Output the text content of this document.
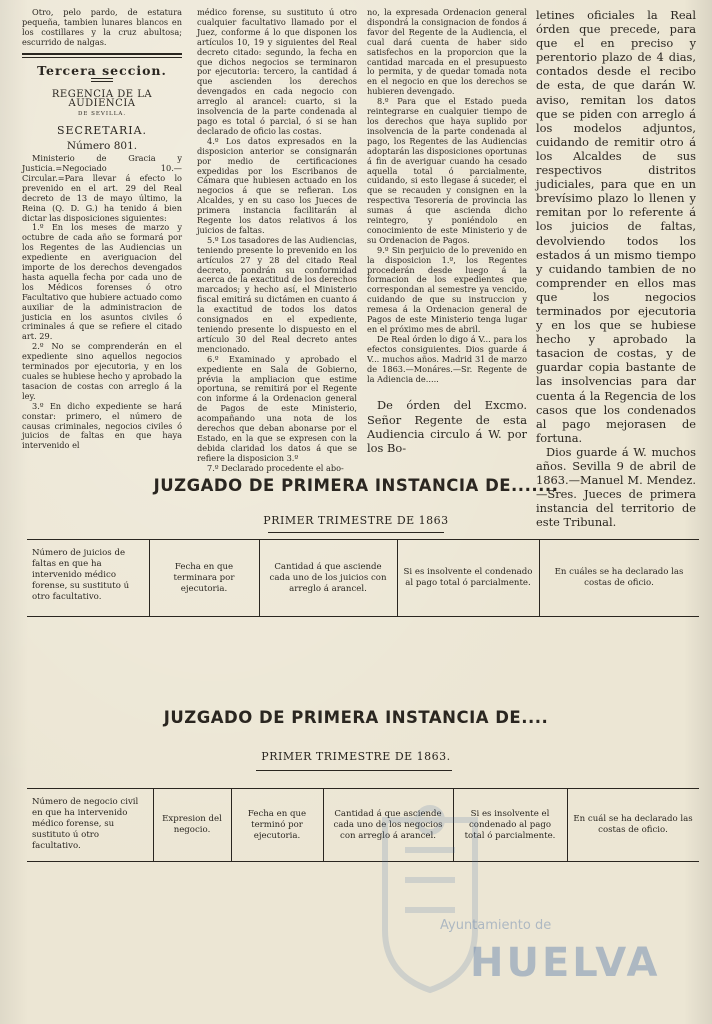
Otro, pelo pardo, de estatura pequeña, tambien lunares blancos en los costillares y la cruz abultosa; escurrido de nalgas.

Tercera seccion.
REGENCIA DE LA AUDIENCIA
DE SEVILLA.
SECRETARIA.
Número 801.

Ministerio de Gracia y Justicia.=Negociado 10.—Circular.=Para llevar á efecto lo prevenido en el art. 29 del Real decreto de 13 de mayo último, la Reina (Q. D. G.) ha tenido á bien dictar las disposiciones siguientes:

1.º En los meses de marzo y octubre de cada año se formará por los Regentes de las Audiencias un expediente en averiguacion del importe de los derechos devengados hasta aquella fecha por cada uno de los Médicos forenses ó otro Facultativo que hubiere actuado como auxiliar de la administracion de justicia en los asuntos civiles ó criminales á que se refiere el citado art. 29.

2.º No se comprenderán en el expediente sino aquellos negocios terminados por ejecutoria, y en los cuales se hubiese hecho y aprobado la tasacion de costas con arreglo á la ley.

3.º En dicho expediente se hará constar: primero, el número de causas criminales, negocios civiles ó juicios de faltas en que haya intervenido el

médico forense, su sustituto ú otro cualquier facultativo llamado por el Juez, conforme á lo que disponen los artículos 10, 19 y siguientes del Real decreto citado: segundo, la fecha en que dichos negocios se terminaron por ejecutoria: tercero, la cantidad á que ascienden los derechos devengados en cada negocio con arreglo al arancel: cuarto, si la insolvencia de la parte condenada al pago es total ó parcial, ó si se han declarado de oficio las costas.

4.º Los datos expresados en la disposicion anterior se consignarán por medio de certificaciones expedidas por los Escribanos de Cámara que hubiesen actuado en los negocios á que se refieran. Los Alcaldes, y en su caso los Jueces de primera instancia facilitarán al Regente los datos relativos á los juicios de faltas.

5.º Los tasadores de las Audiencias, teniendo presente lo prevenido en los artículos 27 y 28 del citado Real decreto, pondrán su conformidad acerca de la exactitud de los derechos marcados; y hecho así, el Ministerio fiscal emitirá su dictámen en cuanto á la exactitud de todos los datos consignados en el expediente, teniendo presente lo dispuesto en el artículo 30 del Real decreto antes mencionado.

6.º Examinado y aprobado el expediente en Sala de Gobierno, prévia la ampliacion que estime oportuna, se remitirá por el Regente con informe á la Ordenacion general de Pagos de este Ministerio, acompañando una nota de los derechos que deban abonarse por el Estado, en la que se expresen con la debida claridad los datos á que se refiere la disposicion 3.º

7.º Declarado procedente el abo-

no, la expresada Ordenacion general dispondrá la consignacion de fondos á favor del Regente de la Audiencia, el cual dará cuenta de haber sido satisfechos en la proporcion que la cantidad marcada en el presupuesto lo permita, y de quedar tomada nota en el negocio en que los derechos se hubieren devengado.

8.º Para que el Estado pueda reintegrarse en cualquier tiempo de los derechos que haya suplido por insolvencia de la parte condenada al pago, los Regentes de las Audiencias adoptarán las disposiciones oportunas á fin de averiguar cuando ha cesado aquella total ó parcialmente, cuidando, si esto llegase á suceder, el que se recauden y consignen en la respectiva Tesorería de provincia las sumas á que ascienda dicho reintegro, y poniéndolo en conocimiento de este Ministerio y de su Ordenacion de Pagos.

9.º Sin perjuicio de lo prevenido en la disposicion 1.º, los Regentes procederán desde luego á la formacion de los expedientes que correspondan al semestre ya vencido, cuidando de que su instruccion y remesa á la Ordenacion general de Pagos de este Ministerio tenga lugar en el próximo mes de abril.

De Real órden lo digo á V... para los efectos consiguientes. Dios guarde á V... muchos años. Madrid 31 de marzo de 1863.—Monáres.—Sr. Regente de la Adiencia de.....

De órden del Excmo. Señor Regente de esta Audiencia circulo á W. por los Bo-

letines oficiales la Real órden que precede, para que el en preciso y perentorio plazo de 4 dias, contados desde el recibo de esta, de que darán W. aviso, remitan los datos que se piden con arreglo á los modelos adjuntos, cuidando de remitir otro á los Alcaldes de sus respectivos distritos judiciales, para que en un brevísimo plazo lo llenen y remitan por lo referente á los juicios de faltas, devolviendo todos los estados á un mismo tiempo y cuidando tambien de no comprender en ellos mas que los negocios terminados por ejecutoria y en los que se hubiese hecho y aprobado la tasacion de costas, y de guardar copia bastante de las insolvencias para dar cuenta á la Regencia de los casos que los condenados al pago mejorasen de fortuna.

Dios guarde á W. muchos años. Sevilla 9 de abril de 1863.—Manuel M. Mendez.—Sres. Jueces de primera instancia del territorio de este Tribunal.

JUZGADO DE PRIMERA INSTANCIA DE.......
PRIMER TRIMESTRE DE 1863
Número de juicios de faltas en que ha intervenido médico forense, su sustituto ú otro facultativo.
Fecha en que terminara por ejecutoria.
Cantidad á que asciende cada uno de los juicios con arreglo á arancel.
Si es insolvente el condenado al pago total ó parcialmente.
En cuáles se ha declarado las costas de oficio.
JUZGADO DE PRIMERA INSTANCIA DE....
PRIMER TRIMESTRE DE 1863.
Número de negocio civil en que ha intervenido médico forense, su sustituto ú otro facultativo.
Expresion del negocio.
Fecha en que terminó por ejecutoria.
Cantidad á que asciende cada uno de los negocios con arreglo á arancel.
Si es insolvente el condenado al pago total ó parcialmente.
En cuál se ha declarado las costas de oficio.
Ayuntamiento de
HUELVA
